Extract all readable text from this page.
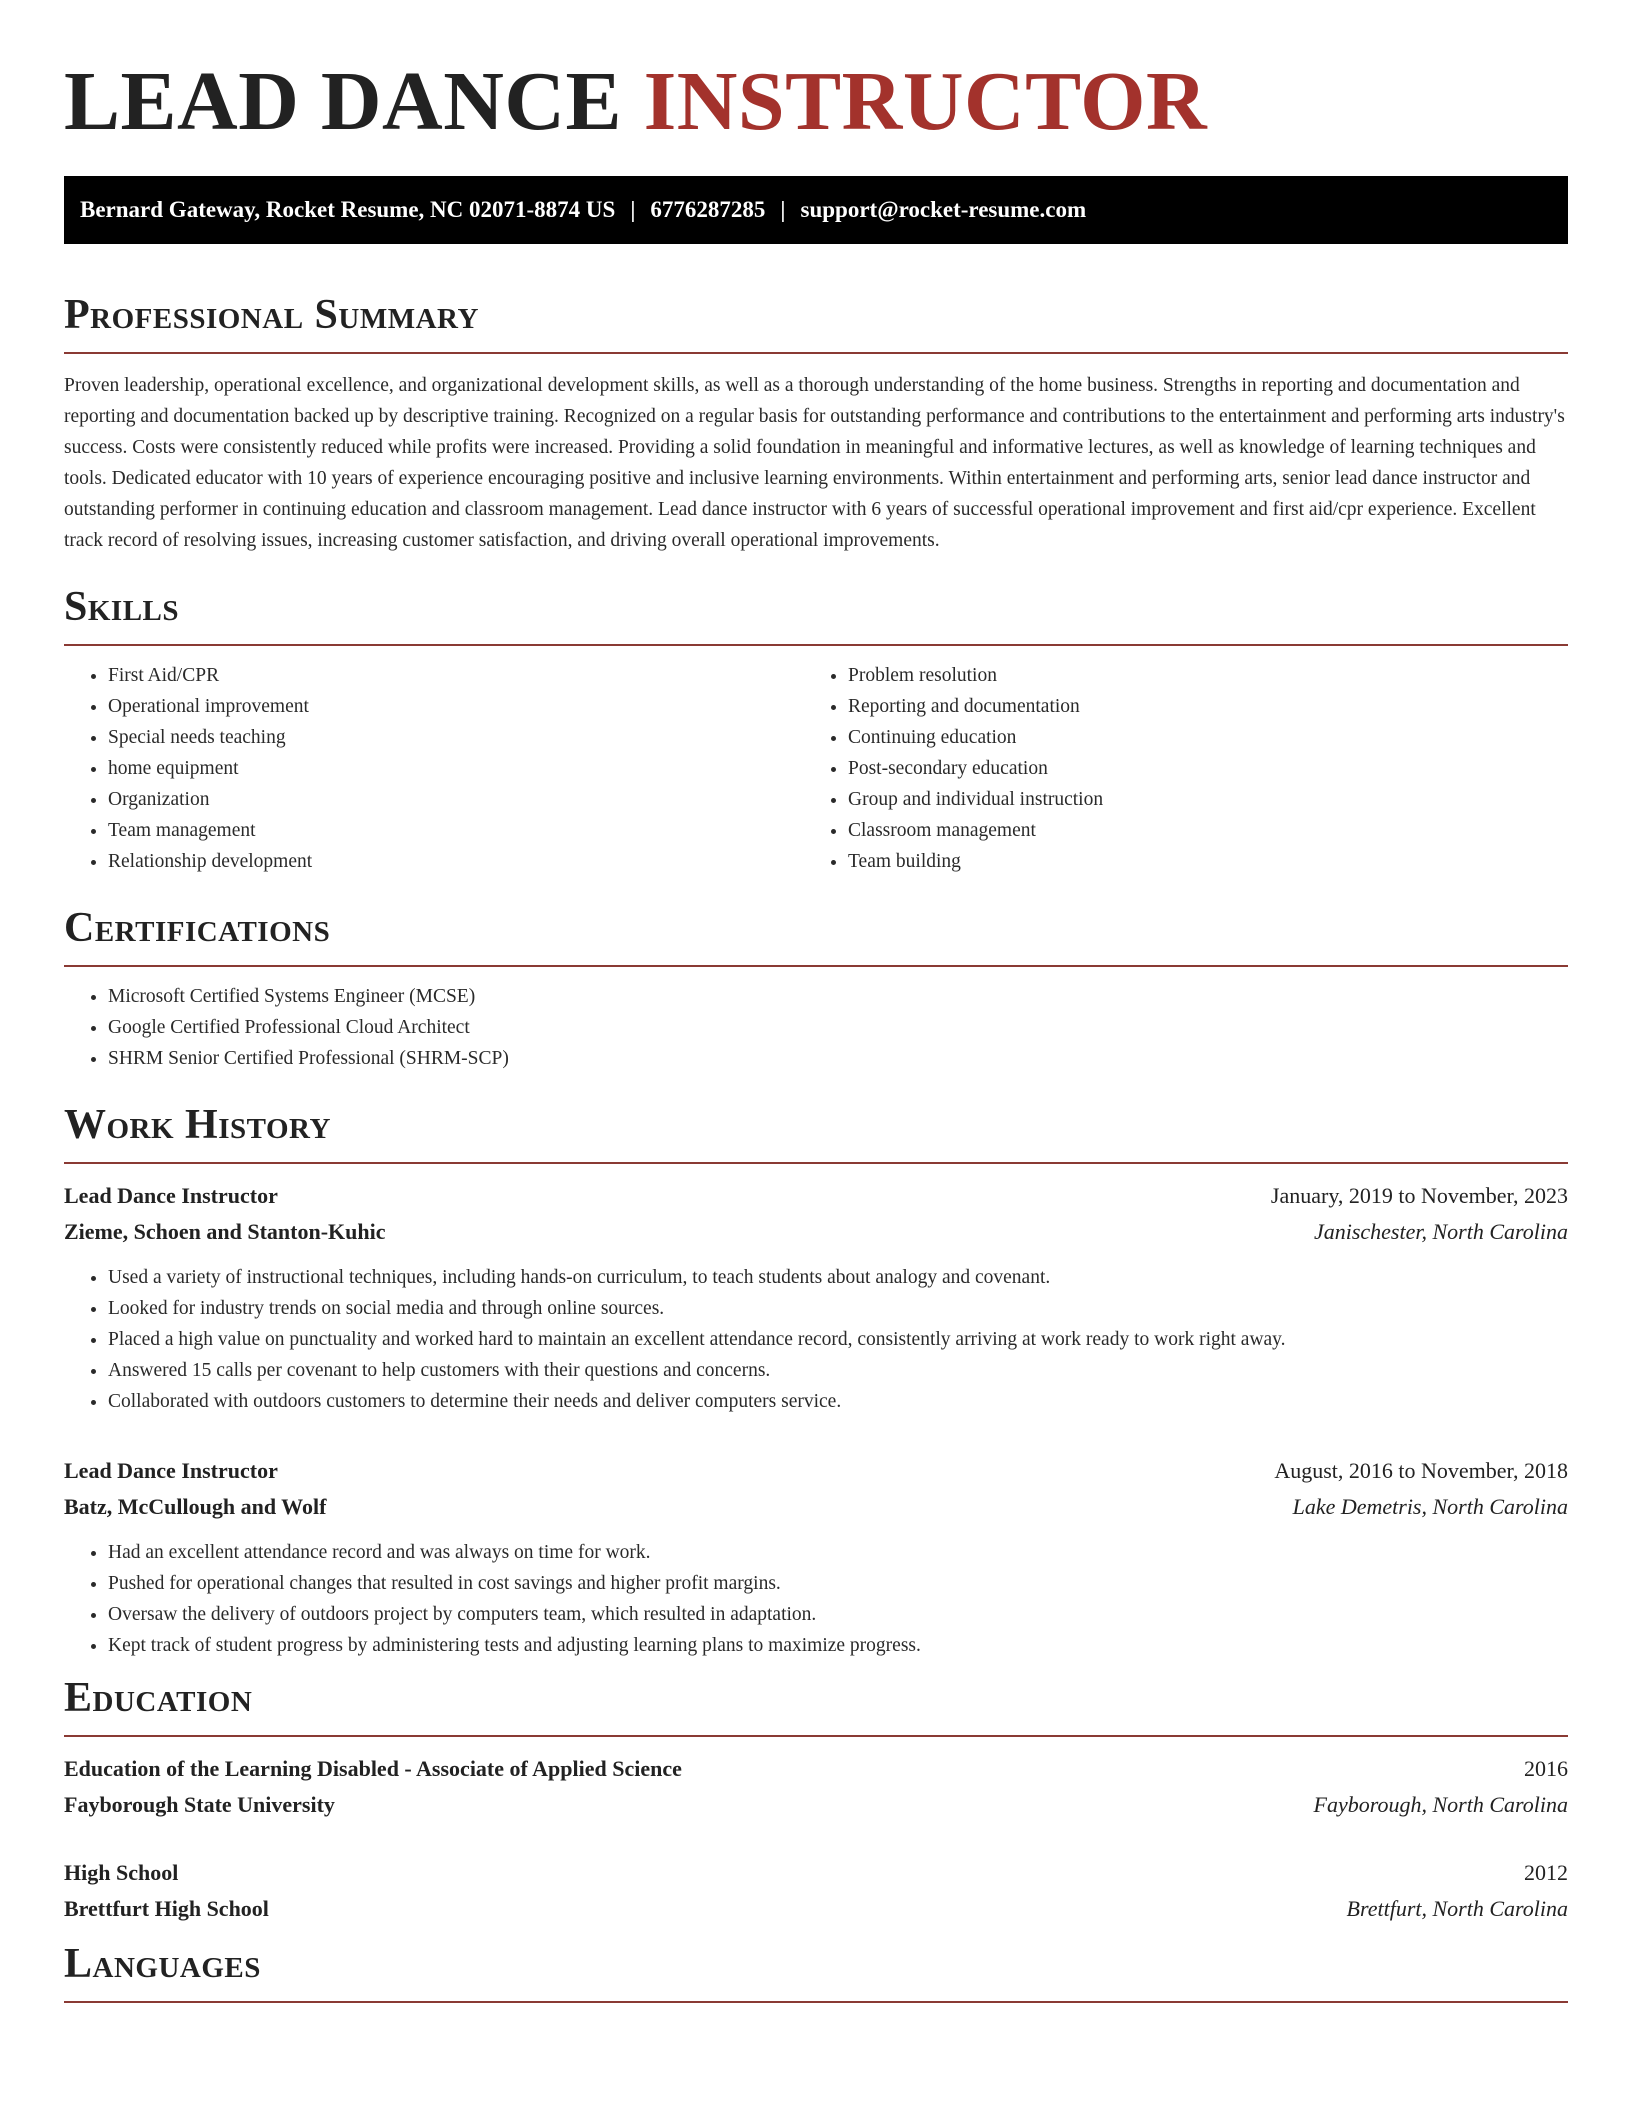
LEAD DANCE INSTRUCTOR
Bernard Gateway, Rocket Resume, NC 02071-8874 US | 6776287285 | support@rocket-resume.com
Professional Summary

Proven leadership, operational excellence, and organizational development skills, as well as a thorough understanding of the home business. Strengths in reporting and documentation and reporting and documentation backed up by descriptive training. Recognized on a regular basis for outstanding performance and contributions to the entertainment and performing arts industry's success. Costs were consistently reduced while profits were increased. Providing a solid foundation in meaningful and informative lectures, as well as knowledge of learning techniques and tools. Dedicated educator with 10 years of experience encouraging positive and inclusive learning environments. Within entertainment and performing arts, senior lead dance instructor and outstanding performer in continuing education and classroom management. Lead dance instructor with 6 years of successful operational improvement and first aid/cpr experience. Excellent track record of resolving issues, increasing customer satisfaction, and driving overall operational improvements.

Skills
• First Aid/CPR
• Operational improvement
• Special needs teaching
• home equipment
• Organization
• Team management
• Relationship development
• Problem resolution
• Reporting and documentation
• Continuing education
• Post-secondary education
• Group and individual instruction
• Classroom management
• Team building
Certifications
• Microsoft Certified Systems Engineer (MCSE)
• Google Certified Professional Cloud Architect
• SHRM Senior Certified Professional (SHRM-SCP)
Work History
Lead Dance Instructor	January, 2019 to November, 2023
Zieme, Schoen and Stanton-Kuhic	Janischester, North Carolina
• Used a variety of instructional techniques, including hands-on curriculum, to teach students about analogy and covenant.
• Looked for industry trends on social media and through online sources.
• Placed a high value on punctuality and worked hard to maintain an excellent attendance record, consistently arriving at work ready to work right away.
• Answered 15 calls per covenant to help customers with their questions and concerns.
• Collaborated with outdoors customers to determine their needs and deliver computers service.
Lead Dance Instructor	August, 2016 to November, 2018
Batz, McCullough and Wolf	Lake Demetris, North Carolina
• Had an excellent attendance record and was always on time for work.
• Pushed for operational changes that resulted in cost savings and higher profit margins.
• Oversaw the delivery of outdoors project by computers team, which resulted in adaptation.
• Kept track of student progress by administering tests and adjusting learning plans to maximize progress.
Education
Education of the Learning Disabled - Associate of Applied Science	2016
Fayborough State University	Fayborough, North Carolina
High School	2012
Brettfurt High School	Brettfurt, North Carolina
Languages
